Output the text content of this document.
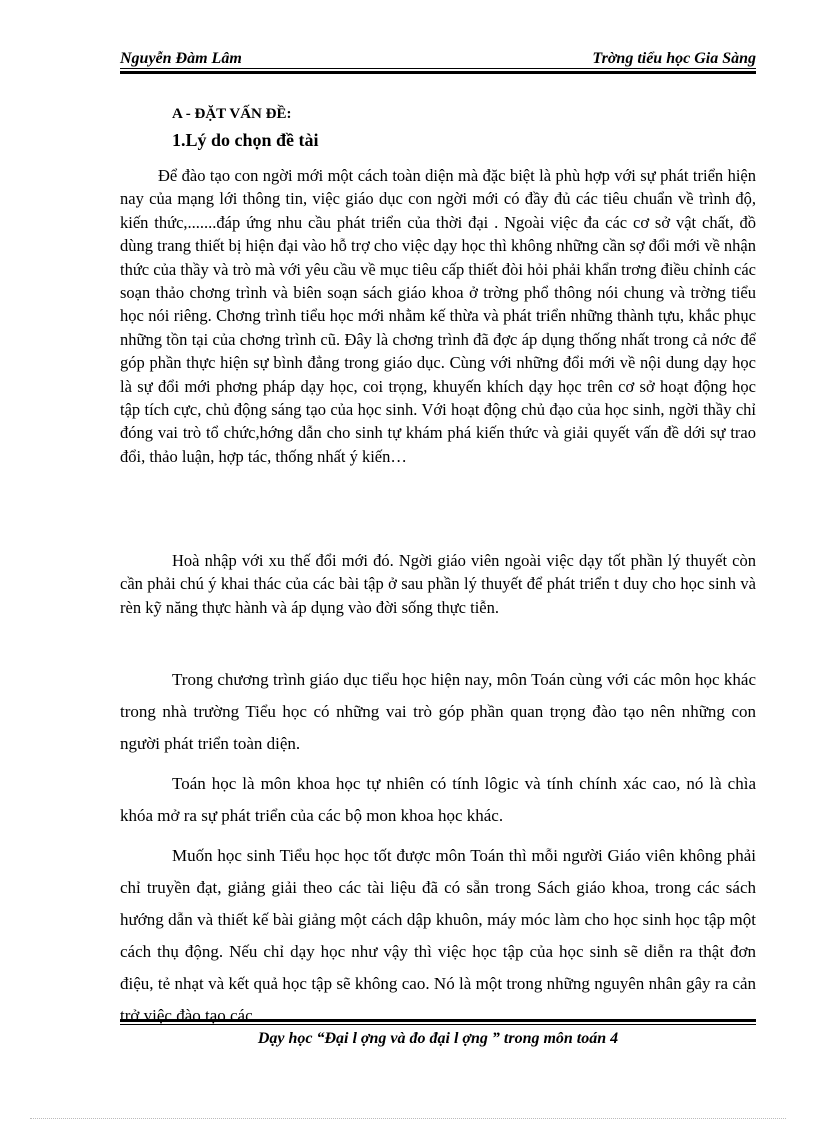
Nguyễn Đàm Lâm	Trờng tiểu học Gia Sàng
A - ĐẶT VẤN ĐỀ:
1.Lý do chọn đề tài

Để đào tạo con ngời mới một cách toàn diện mà đặc biệt là phù hợp với sự phát triển hiện nay của mạng lới thông tin, việc giáo dục con ngời mới có đầy đủ các tiêu chuẩn về trình độ, kiến thức,.......đáp ứng nhu cầu phát triển của thời đại . Ngoài việc đa các cơ sở vật chất, đồ dùng trang thiết bị hiện đại vào hỗ trợ cho việc dạy học thì không những cần sợ đổi mới về nhận thức của thầy và trò mà với yêu cầu về mục tiêu cấp thiết đòi hỏi phải khẩn trơng điều chỉnh các soạn thảo chơng trình và biên soạn sách giáo khoa ở trờng phổ thông nói chung và trờng tiểu học nói riêng. Chơng trình tiểu học mới nhằm kế thừa và phát triển những thành tựu, khắc phục những tồn tại của chơng trình cũ. Đây là chơng trình đã đợc áp dụng thống nhất trong cả nớc để góp phần thực hiện sự bình đẳng trong giáo dục. Cùng với những đổi mới về nội dung dạy học là sự đổi mới phơng pháp dạy học, coi trọng, khuyến khích dạy học trên cơ sở hoạt động học tập tích cực, chủ động sáng tạo của học sinh. Với hoạt động chủ đạo của học sinh, ngời thầy chỉ đóng vai trò tổ chức,hớng dẫn cho sinh tự khám phá kiến thức và giải quyết vấn đề dới sự trao đổi, thảo luận, hợp tác, thống nhất ý kiến…

Hoà nhập với xu thế đổi mới đó. Ngời giáo viên ngoài việc dạy tốt phần lý thuyết còn cần phải chú ý khai thác của các bài tập ở sau phần lý thuyết để phát triển t duy cho học sinh và rèn kỹ năng thực hành và áp dụng vào đời sống thực tiễn.

Trong chương trình giáo dục tiểu học hiện nay, môn Toán cùng với các môn học khác trong nhà trường Tiểu học có những vai trò góp phần quan trọng đào tạo nên những con người phát triển toàn diện.

Toán học là môn khoa học tự nhiên có tính lôgic và tính chính xác cao, nó là chìa khóa mở ra sự phát triển của các bộ mon khoa học khác.

Muốn học sinh Tiểu học học tốt được môn Toán thì mỗi người Giáo viên không phải chỉ truyền đạt, giảng giải theo các tài liệu đã có sẵn trong Sách giáo khoa, trong các sách hướng dẫn và thiết kế bài giảng một cách dập khuôn, máy móc làm cho học sinh học tập một cách thụ động. Nếu chỉ dạy học như vậy thì việc học tập của học sinh sẽ diễn ra thật đơn điệu, tẻ nhạt và kết quả học tập sẽ không cao. Nó là một trong những nguyên nhân gây ra cản trở việc đào tạo các

Dạy học “Đại l ợng và đo đại l ợng ” trong môn toán 4
